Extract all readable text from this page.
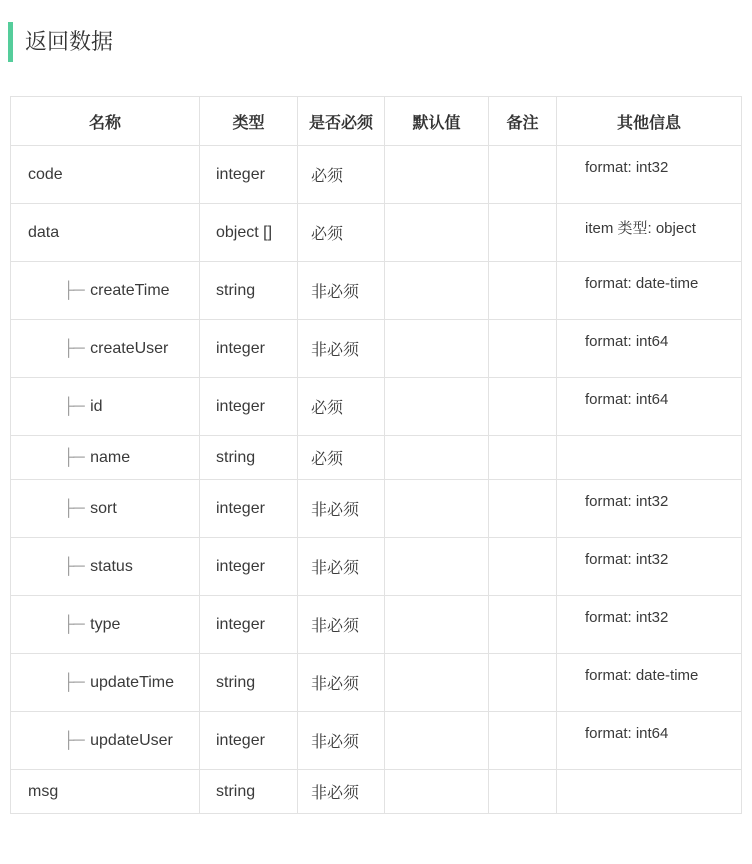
返回数据
名称	类型	是否必须	默认值	备注	其他信息
code	integer	必须			format: int32
data	object []	必须			item 类型: object
├─ createTime	string	非必须			format: date-time
├─ createUser	integer	非必须			format: int64
├─ id	integer	必须			format: int64
├─ name	string	必须			
├─ sort	integer	非必须			format: int32
├─ status	integer	非必须			format: int32
├─ type	integer	非必须			format: int32
├─ updateTime	string	非必须			format: date-time
├─ updateUser	integer	非必须			format: int64
msg	string	非必须			
